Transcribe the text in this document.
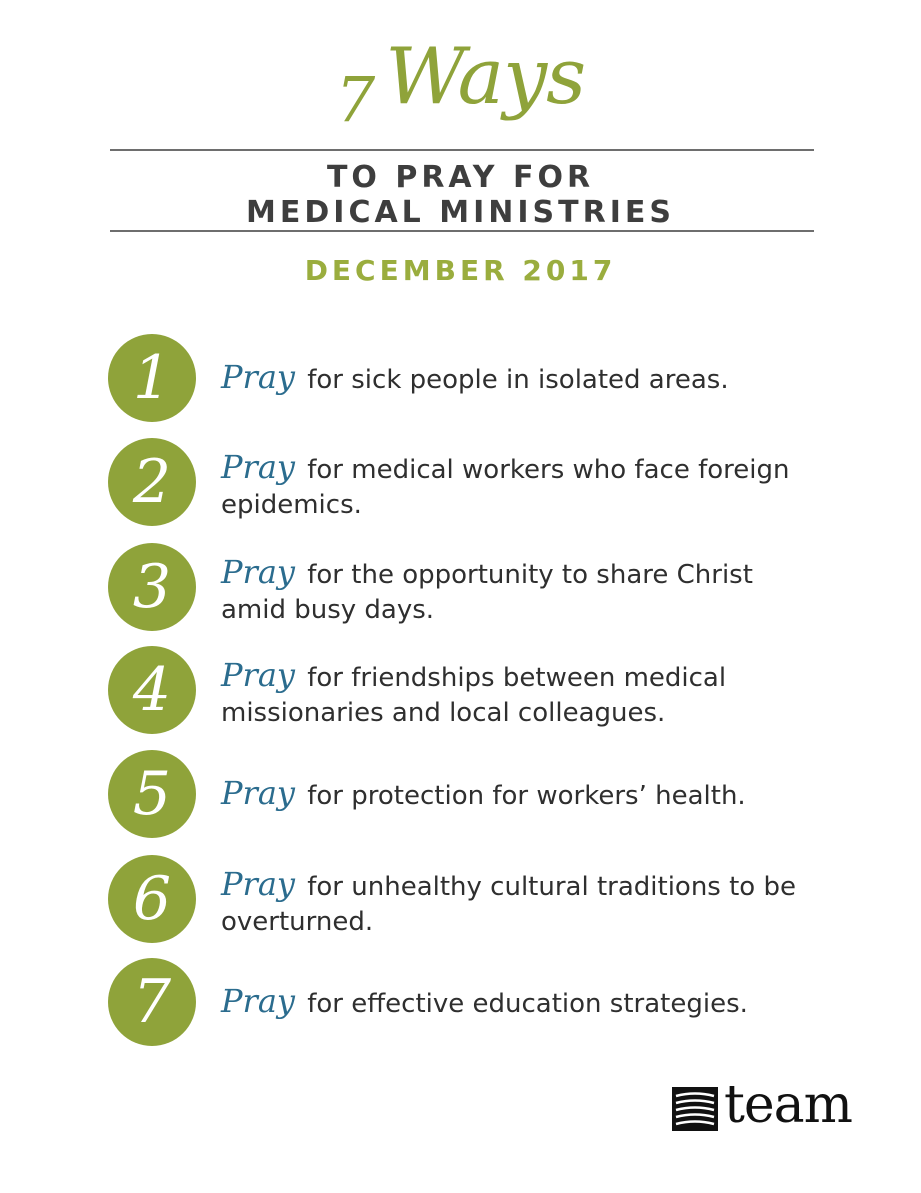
7 Ways
TO PRAY FOR
MEDICAL MINISTRIES
DECEMBER 2017
1	Pray for sick people in isolated areas.
2	Pray for medical workers who face foreign epidemics.
3	Pray for the opportunity to share Christ amid busy days.
4	Pray for friendships between medical missionaries and local colleagues.
5	Pray for protection for workers’ health.
6	Pray for unhealthy cultural traditions to be overturned.
7	Pray for effective education strategies.
team
